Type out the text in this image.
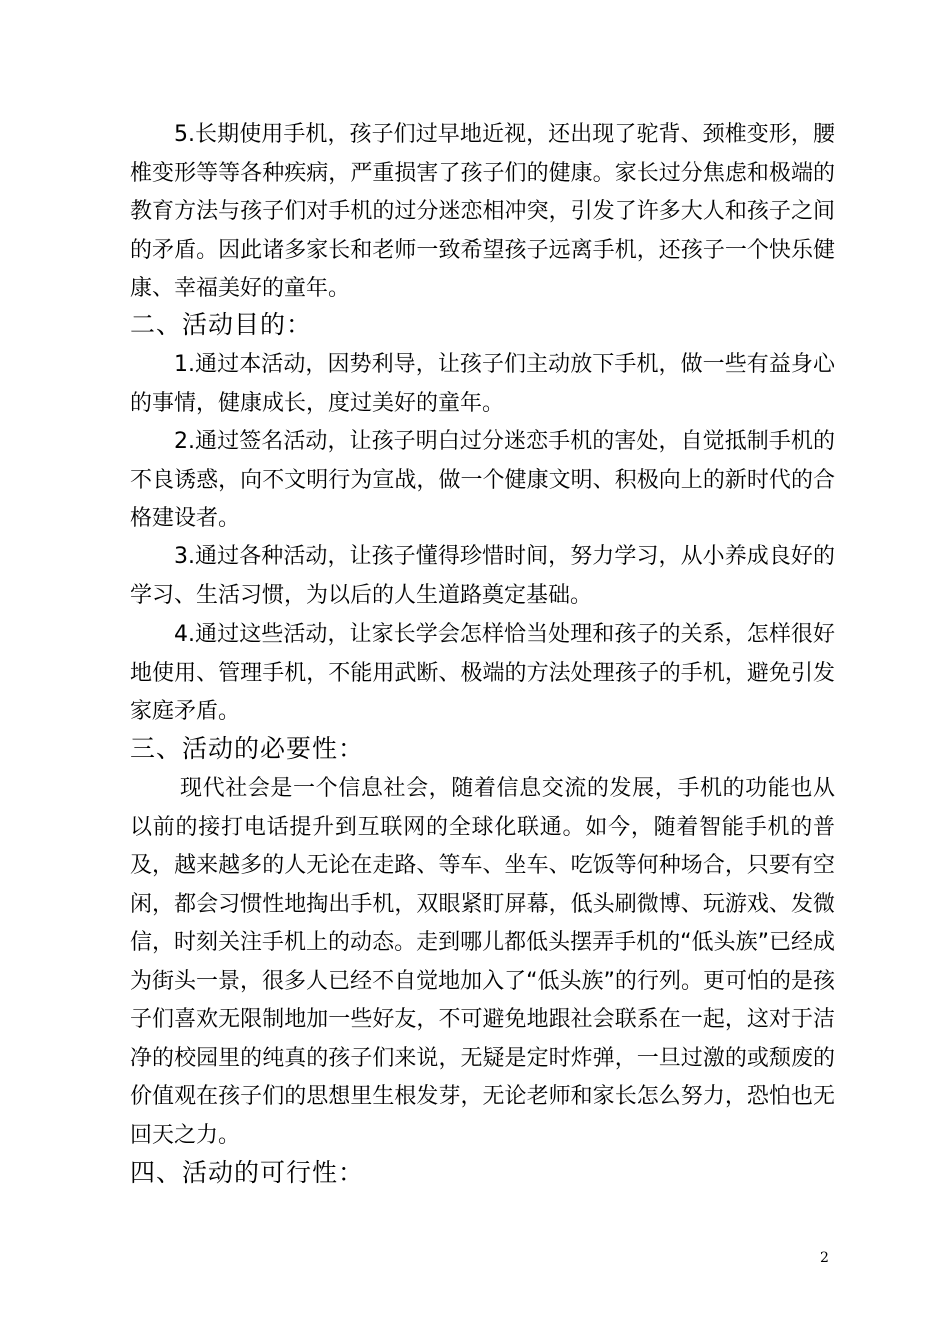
5.长期使用手机，孩子们过早地近视，还出现了驼背、颈椎变形，腰椎变形等等各种疾病，严重损害了孩子们的健康。家长过分焦虑和极端的教育方法与孩子们对手机的过分迷恋相冲突，引发了许多大人和孩子之间的矛盾。因此诸多家长和老师一致希望孩子远离手机，还孩子一个快乐健康、幸福美好的童年。

二、活动目的：

1.通过本活动，因势利导，让孩子们主动放下手机，做一些有益身心的事情，健康成长，度过美好的童年。

2.通过签名活动，让孩子明白过分迷恋手机的害处，自觉抵制手机的不良诱惑，向不文明行为宣战，做一个健康文明、积极向上的新时代的合格建设者。

3.通过各种活动，让孩子懂得珍惜时间，努力学习，从小养成良好的学习、生活习惯，为以后的人生道路奠定基础。

4.通过这些活动，让家长学会怎样恰当处理和孩子的关系，怎样很好地使用、管理手机，不能用武断、极端的方法处理孩子的手机，避免引发家庭矛盾。

三、活动的必要性：

现代社会是一个信息社会，随着信息交流的发展，手机的功能也从以前的接打电话提升到互联网的全球化联通。如今，随着智能手机的普及，越来越多的人无论在走路、等车、坐车、吃饭等何种场合，只要有空闲，都会习惯性地掏出手机，双眼紧盯屏幕，低头刷微博、玩游戏、发微信，时刻关注手机上的动态。走到哪儿都低头摆弄手机的“低头族”已经成为街头一景，很多人已经不自觉地加入了“低头族”的行列。更可怕的是孩子们喜欢无限制地加一些好友，不可避免地跟社会联系在一起，这对于洁净的校园里的纯真的孩子们来说，无疑是定时炸弹，一旦过激的或颓废的价值观在孩子们的思想里生根发芽，无论老师和家长怎么努力，恐怕也无回天之力。

四、活动的可行性：
2
